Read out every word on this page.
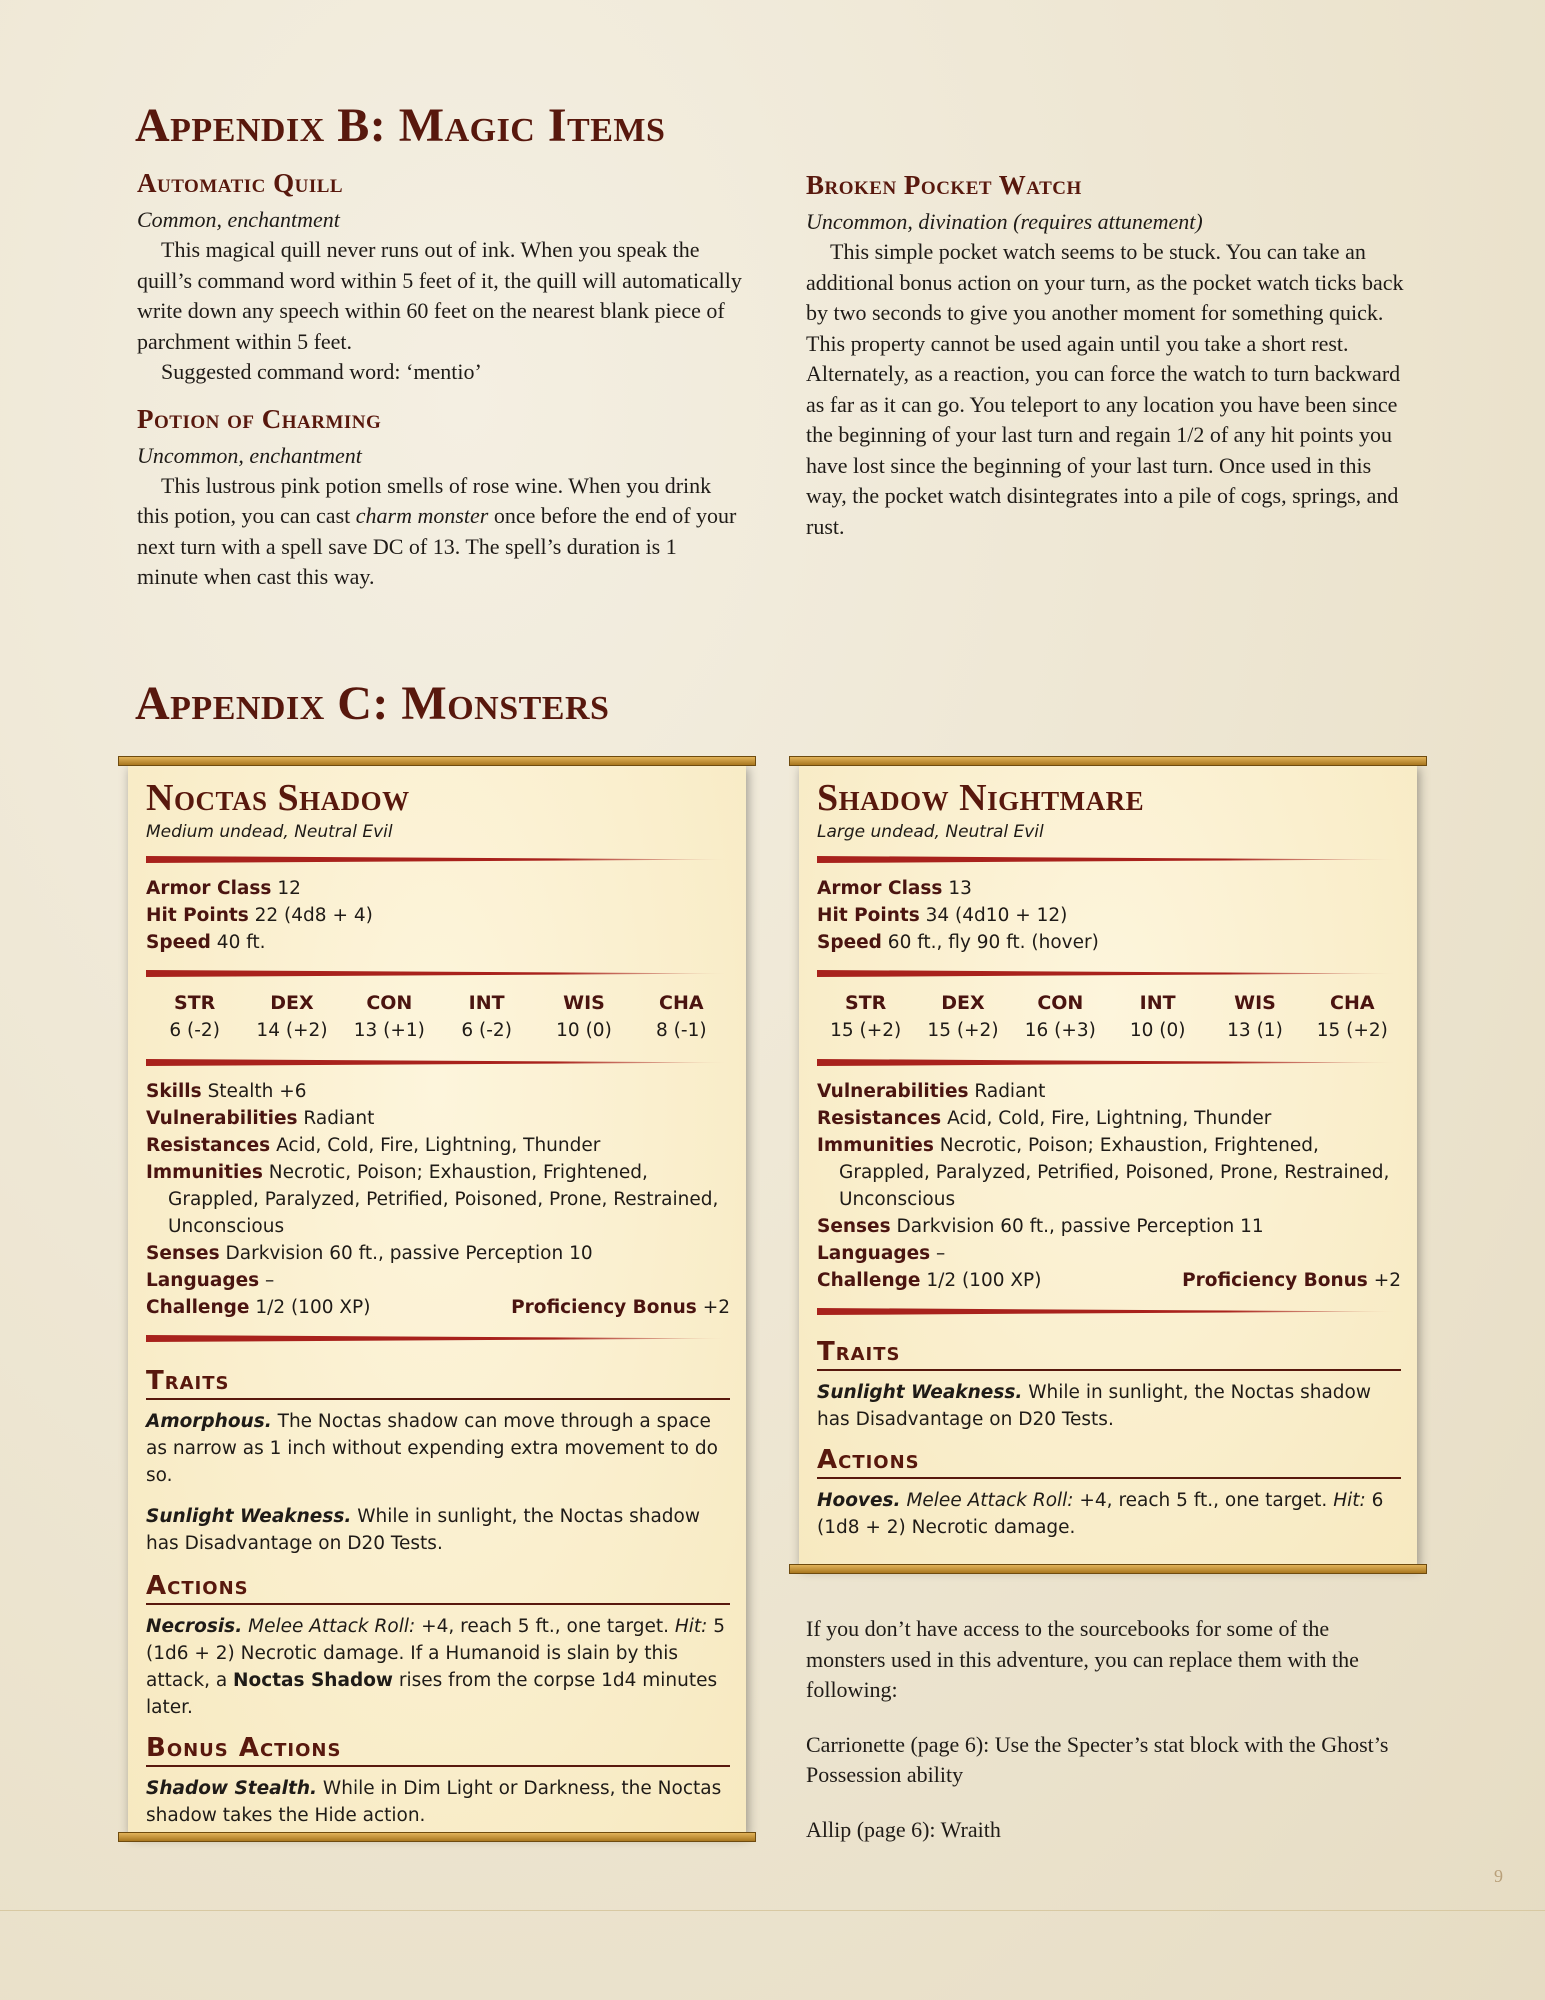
Appendix B: Magic Items
Automatic Quill

Common, enchantment

This magical quill never runs out of ink. When you speak the quill’s command word within 5 feet of it, the quill will automatically write down any speech within 60 feet on the nearest blank piece of parchment within 5 feet.

Suggested command word: ‘mentio’

Potion of Charming

Uncommon, enchantment

This lustrous pink potion smells of rose wine. When you drink this potion, you can cast charm monster once before the end of your next turn with a spell save DC of 13. The spell’s duration is 1 minute when cast this way.

Broken Pocket Watch

Uncommon, divination (requires attunement)

This simple pocket watch seems to be stuck. You can take an additional bonus action on your turn, as the pocket watch ticks back by two seconds to give you another moment for something quick. This property cannot be used again until you take a short rest. Alternately, as a reaction, you can force the watch to turn backward as far as it can go. You teleport to any location you have been since the beginning of your last turn and regain 1/2 of any hit points you have lost since the beginning of your last turn. Once used in this way, the pocket watch disintegrates into a pile of cogs, springs, and rust.

Appendix C: Monsters
Noctas Shadow

Medium undead, Neutral Evil

Armor Class 12

Hit Points 22 (4d8 + 4)

Speed 40 ft.

STR
6 (-2)
DEX
14 (+2)
CON
13 (+1)
INT
6 (-2)
WIS
10 (0)
CHA
8 (-1)

Skills Stealth +6

Vulnerabilities Radiant

Resistances Acid, Cold, Fire, Lightning, Thunder

Immunities Necrotic, Poison; Exhaustion, Frightened, Grappled, Paralyzed, Petrified, Poisoned, Prone, Restrained, Unconscious

Senses Darkvision 60 ft., passive Perception 10

Languages –

Challenge 1/2 (100 XP)	Proficiency Bonus +2

Traits

Amorphous. The Noctas shadow can move through a space as narrow as 1 inch without expending extra movement to do so.

Sunlight Weakness. While in sunlight, the Noctas shadow has Disadvantage on D20 Tests.

Actions

Necrosis. Melee Attack Roll: +4, reach 5 ft., one target. Hit: 5 (1d6 + 2) Necrotic damage. If a Humanoid is slain by this attack, a Noctas Shadow rises from the corpse 1d4 minutes later.

Bonus Actions

Shadow Stealth. While in Dim Light or Darkness, the Noctas shadow takes the Hide action.

Shadow Nightmare

Large undead, Neutral Evil

Armor Class 13

Hit Points 34 (4d10 + 12)

Speed 60 ft., fly 90 ft. (hover)

STR
15 (+2)
DEX
15 (+2)
CON
16 (+3)
INT
10 (0)
WIS
13 (1)
CHA
15 (+2)

Vulnerabilities Radiant

Resistances Acid, Cold, Fire, Lightning, Thunder

Immunities Necrotic, Poison; Exhaustion, Frightened, Grappled, Paralyzed, Petrified, Poisoned, Prone, Restrained, Unconscious

Senses Darkvision 60 ft., passive Perception 11

Languages –

Challenge 1/2 (100 XP)	Proficiency Bonus +2

Traits

Sunlight Weakness. While in sunlight, the Noctas shadow has Disadvantage on D20 Tests.

Actions

Hooves. Melee Attack Roll: +4, reach 5 ft., one target. Hit: 6 (1d8 + 2) Necrotic damage.

If you don’t have access to the sourcebooks for some of the monsters used in this adventure, you can replace them with the following:

Carrionette (page 6): Use the Specter’s stat block with the Ghost’s Possession ability

Allip (page 6): Wraith

9
